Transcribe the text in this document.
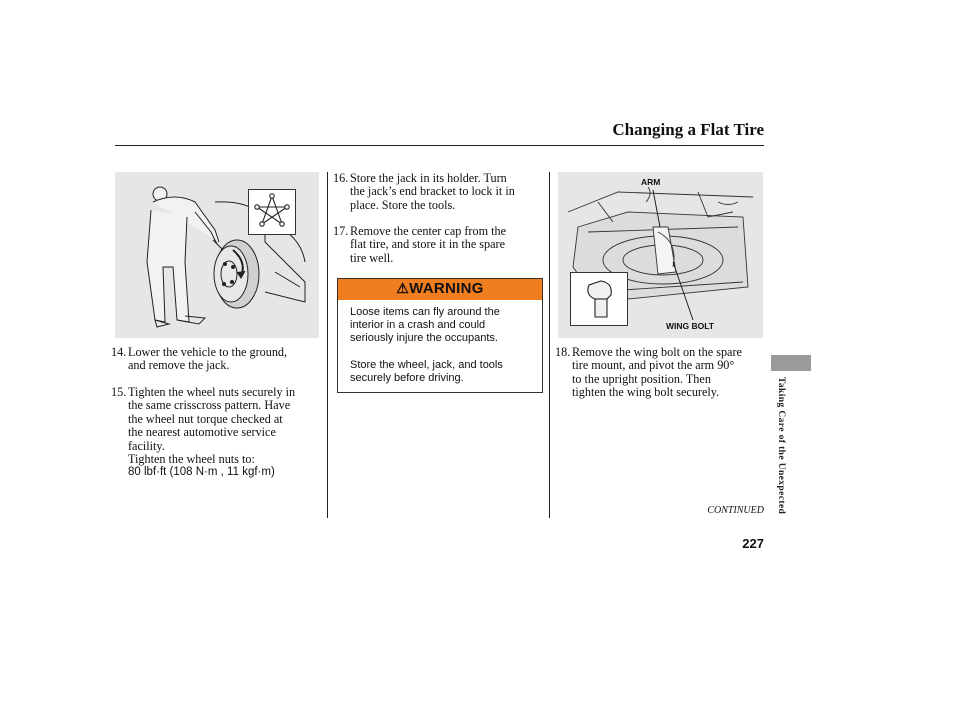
Changing a Flat Tire
14. Lower the vehicle to the ground,
and remove the jack.
15. Tighten the wheel nuts securely in
the same crisscross pattern. Have
the wheel nut torque checked at
the nearest automotive service
facility.
Tighten the wheel nuts to:
80 lbf·ft (108 N·m , 11 kgf·m)
16. Store the jack in its holder. Turn
the jack’s end bracket to lock it in
place. Store the tools.
17. Remove the center cap from the
flat tire, and store it in the spare
tire well.
⚠WARNING
Loose items can fly around the
interior in a crash and could
seriously injure the occupants.
Store the wheel, jack, and tools
securely before driving.
ARM
WING BOLT
18. Remove the wing bolt on the spare
tire mount, and pivot the arm 90°
to the upright position. Then
tighten the wing bolt securely.	Taking Care of the Unexpected
CONTINUED
227
